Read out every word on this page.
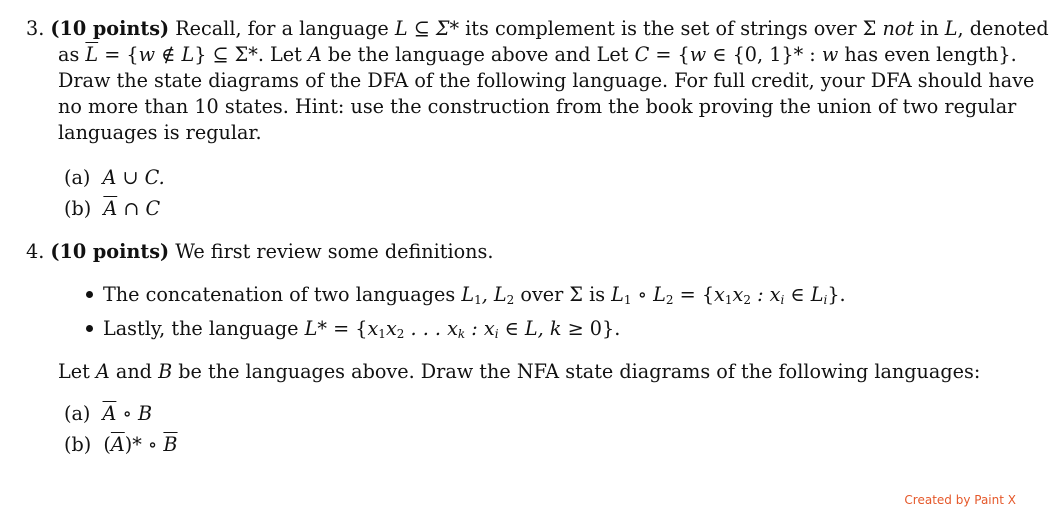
3. (10 points) Recall, for a language L ⊆ Σ* its complement is the set of strings over Σ not in L, denoted
as $\overline{L} = \{w$ ∉ L} ⊆ Σ*. Let A be the language above and Let C = {w ∈ {0, 1}* : w has even length}.
Draw the state diagrams of the DFA of the following language. For full credit, your DFA should have
no more than 10 states. Hint: use the construction from the book proving the union of two regular
languages is regular.
(a) A ∪ C.
(b) $\overline{A}$ ∩ C
4. (10 points) We first review some definitions.
The concatenation of two languages $L_1$, $L_2$ over Σ is $L_1$ ∘ $L_2 = \{x_1x_2$ : $x_i$ ∈ $L_i$}.
Lastly, the language $L* = \{x_1x_2$ . . . $x_k$ : $x_i$ ∈ L, k ≥ 0}.
Let A and B be the languages above. Draw the NFA state diagrams of the following languages:
(a) $\overline{A}$ ∘ B
(b) $(\overline{A})*$ ∘ $\overline{B}$
Created by Paint X
